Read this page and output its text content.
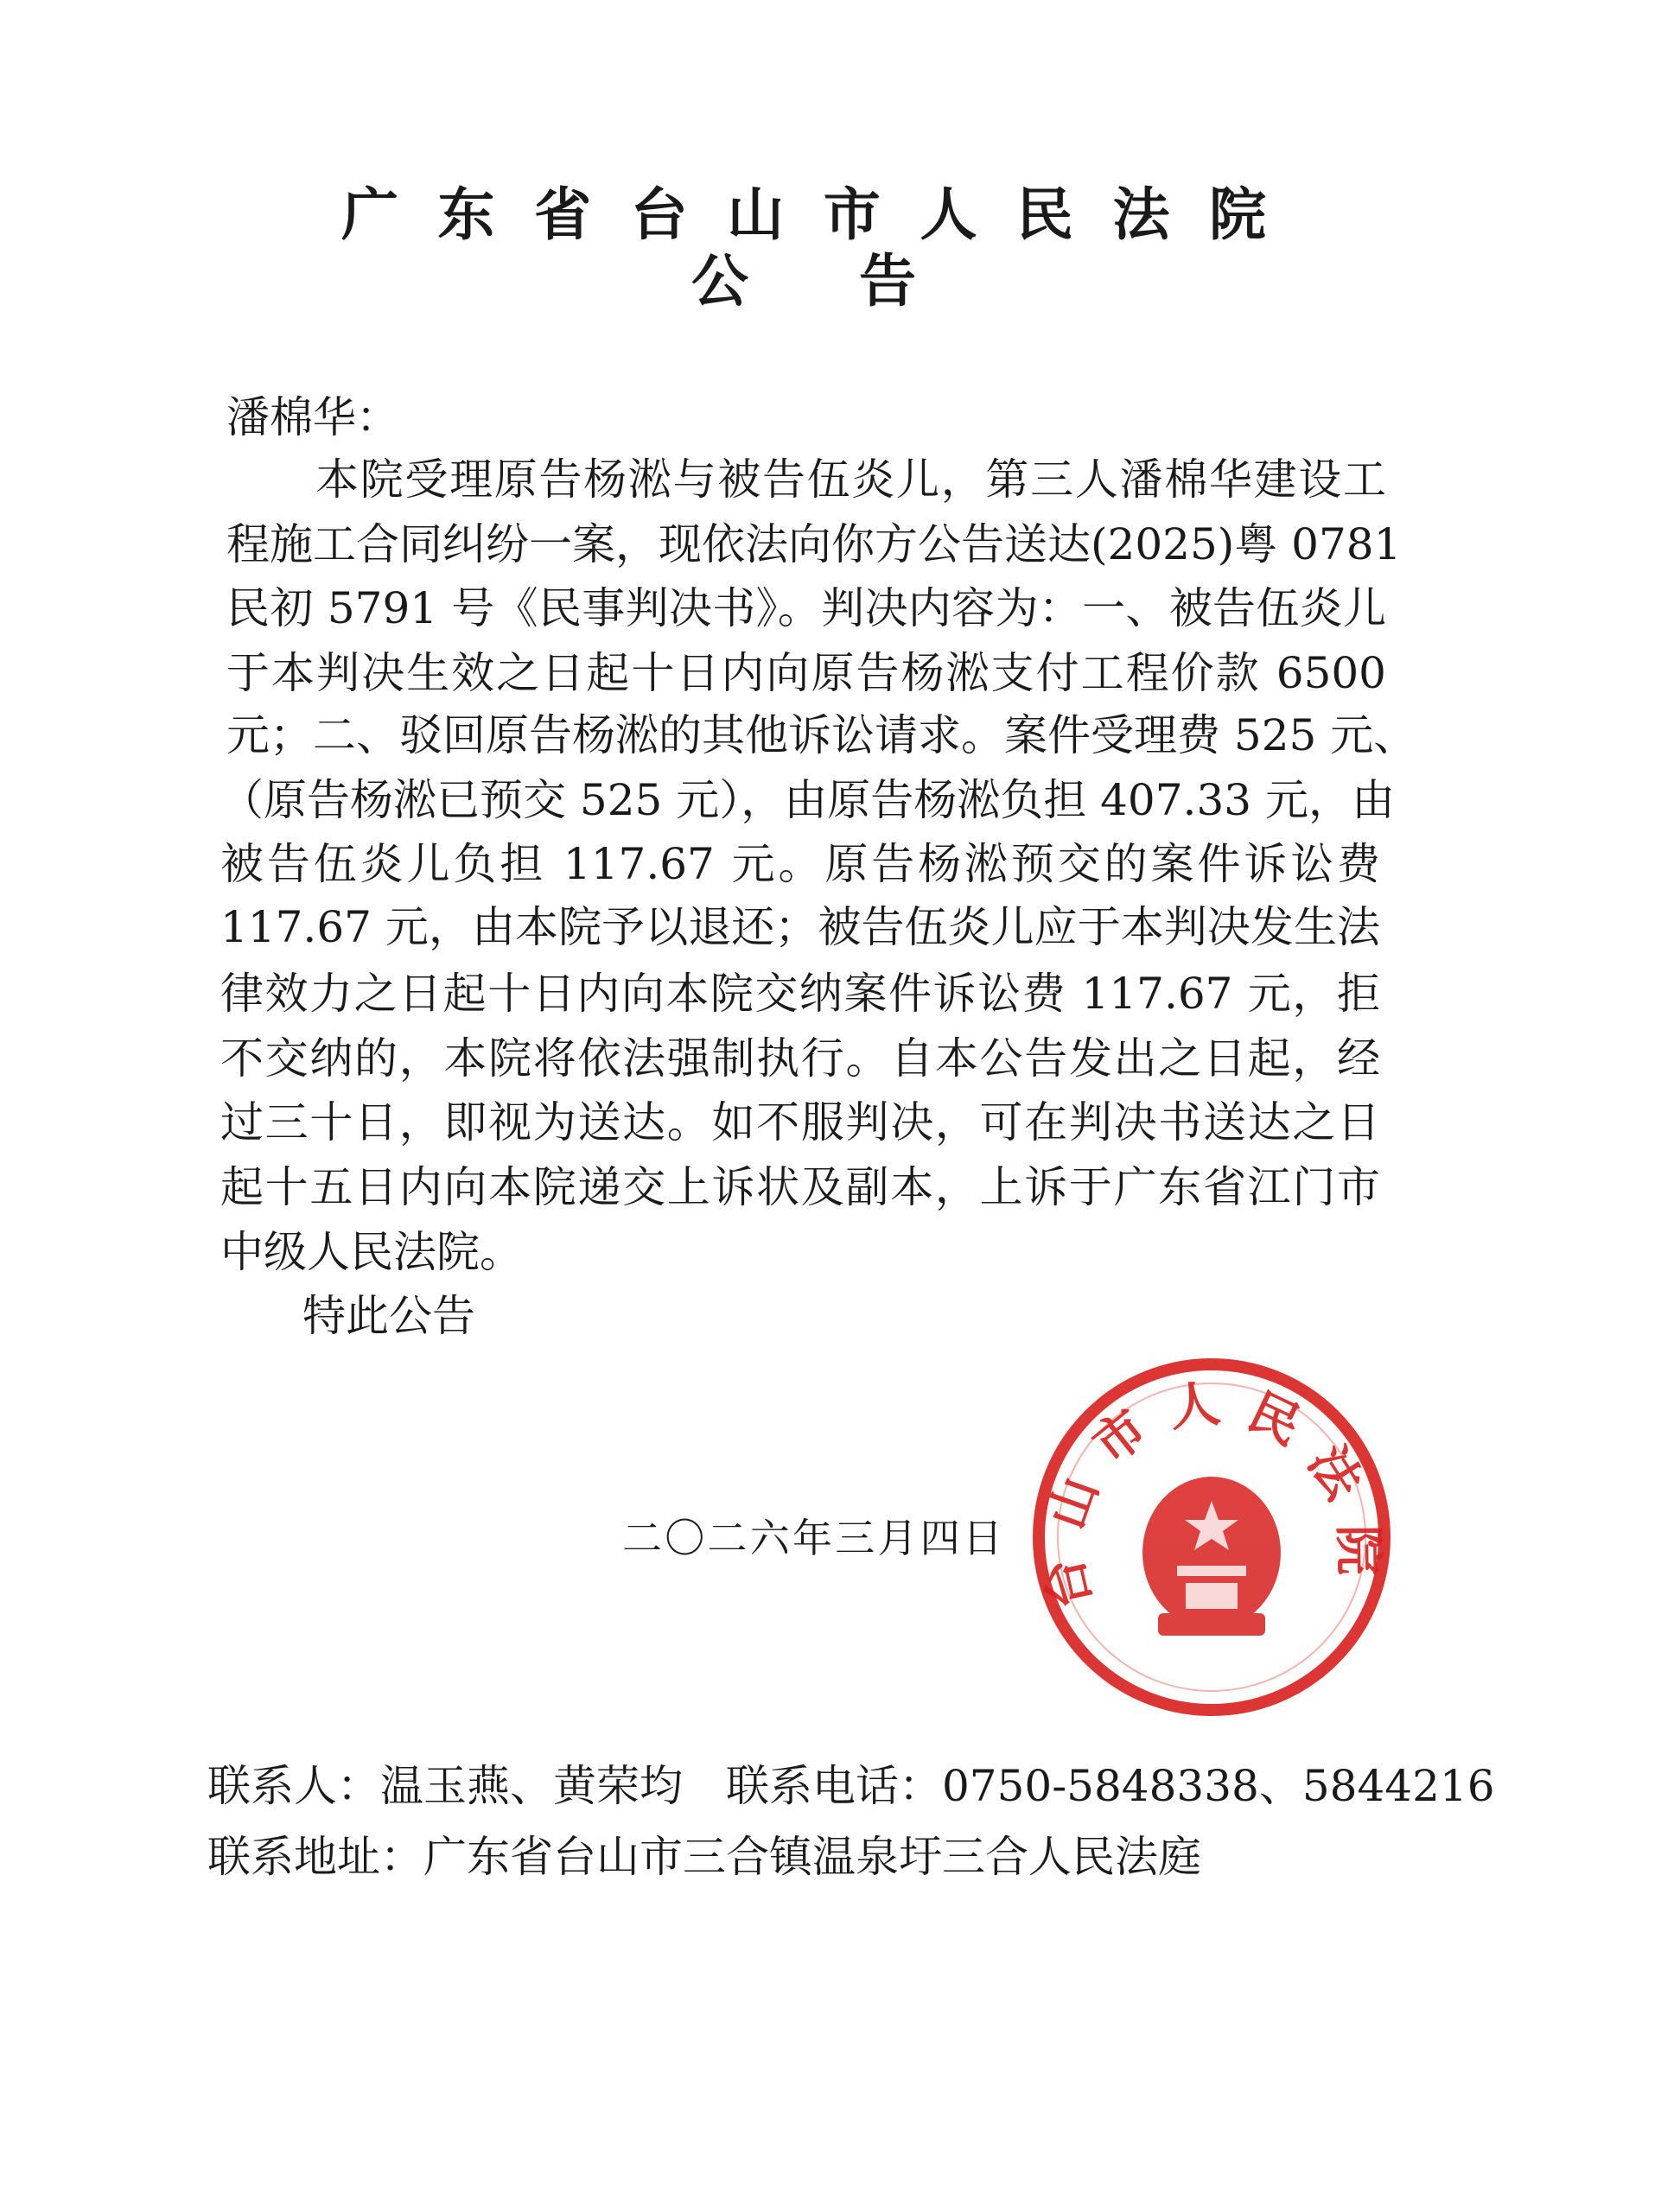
广东省台山市人民法院
公告
潘棉华：
本院受理原告杨淞与被告伍炎儿，第三人潘棉华建设工
程施工合同纠纷一案，现依法向你方公告送达(2025)粤 0781
民初 5791 号《民事判决书》。判决内容为：一、被告伍炎儿
于本判决生效之日起十日内向原告杨淞支付工程价款 6500
元；二、驳回原告杨淞的其他诉讼请求。案件受理费 525 元、
（原告杨淞已预交 525 元），由原告杨淞负担 407.33 元，由
被告伍炎儿负担 117.67 元。原告杨淞预交的案件诉讼费
117.67 元，由本院予以退还；被告伍炎儿应于本判决发生法
律效力之日起十日内向本院交纳案件诉讼费 117.67 元，拒
不交纳的，本院将依法强制执行。自本公告发出之日起，经
过三十日，即视为送达。如不服判决，可在判决书送达之日
起十五日内向本院递交上诉状及副本，上诉于广东省江门市
中级人民法院。
特此公告
台山市人民法院
二〇二六年三月四日
联系人：温玉燕、黄荣均　联系电话：0750-5848338、5844216
联系地址：广东省台山市三合镇温泉圩三合人民法庭
